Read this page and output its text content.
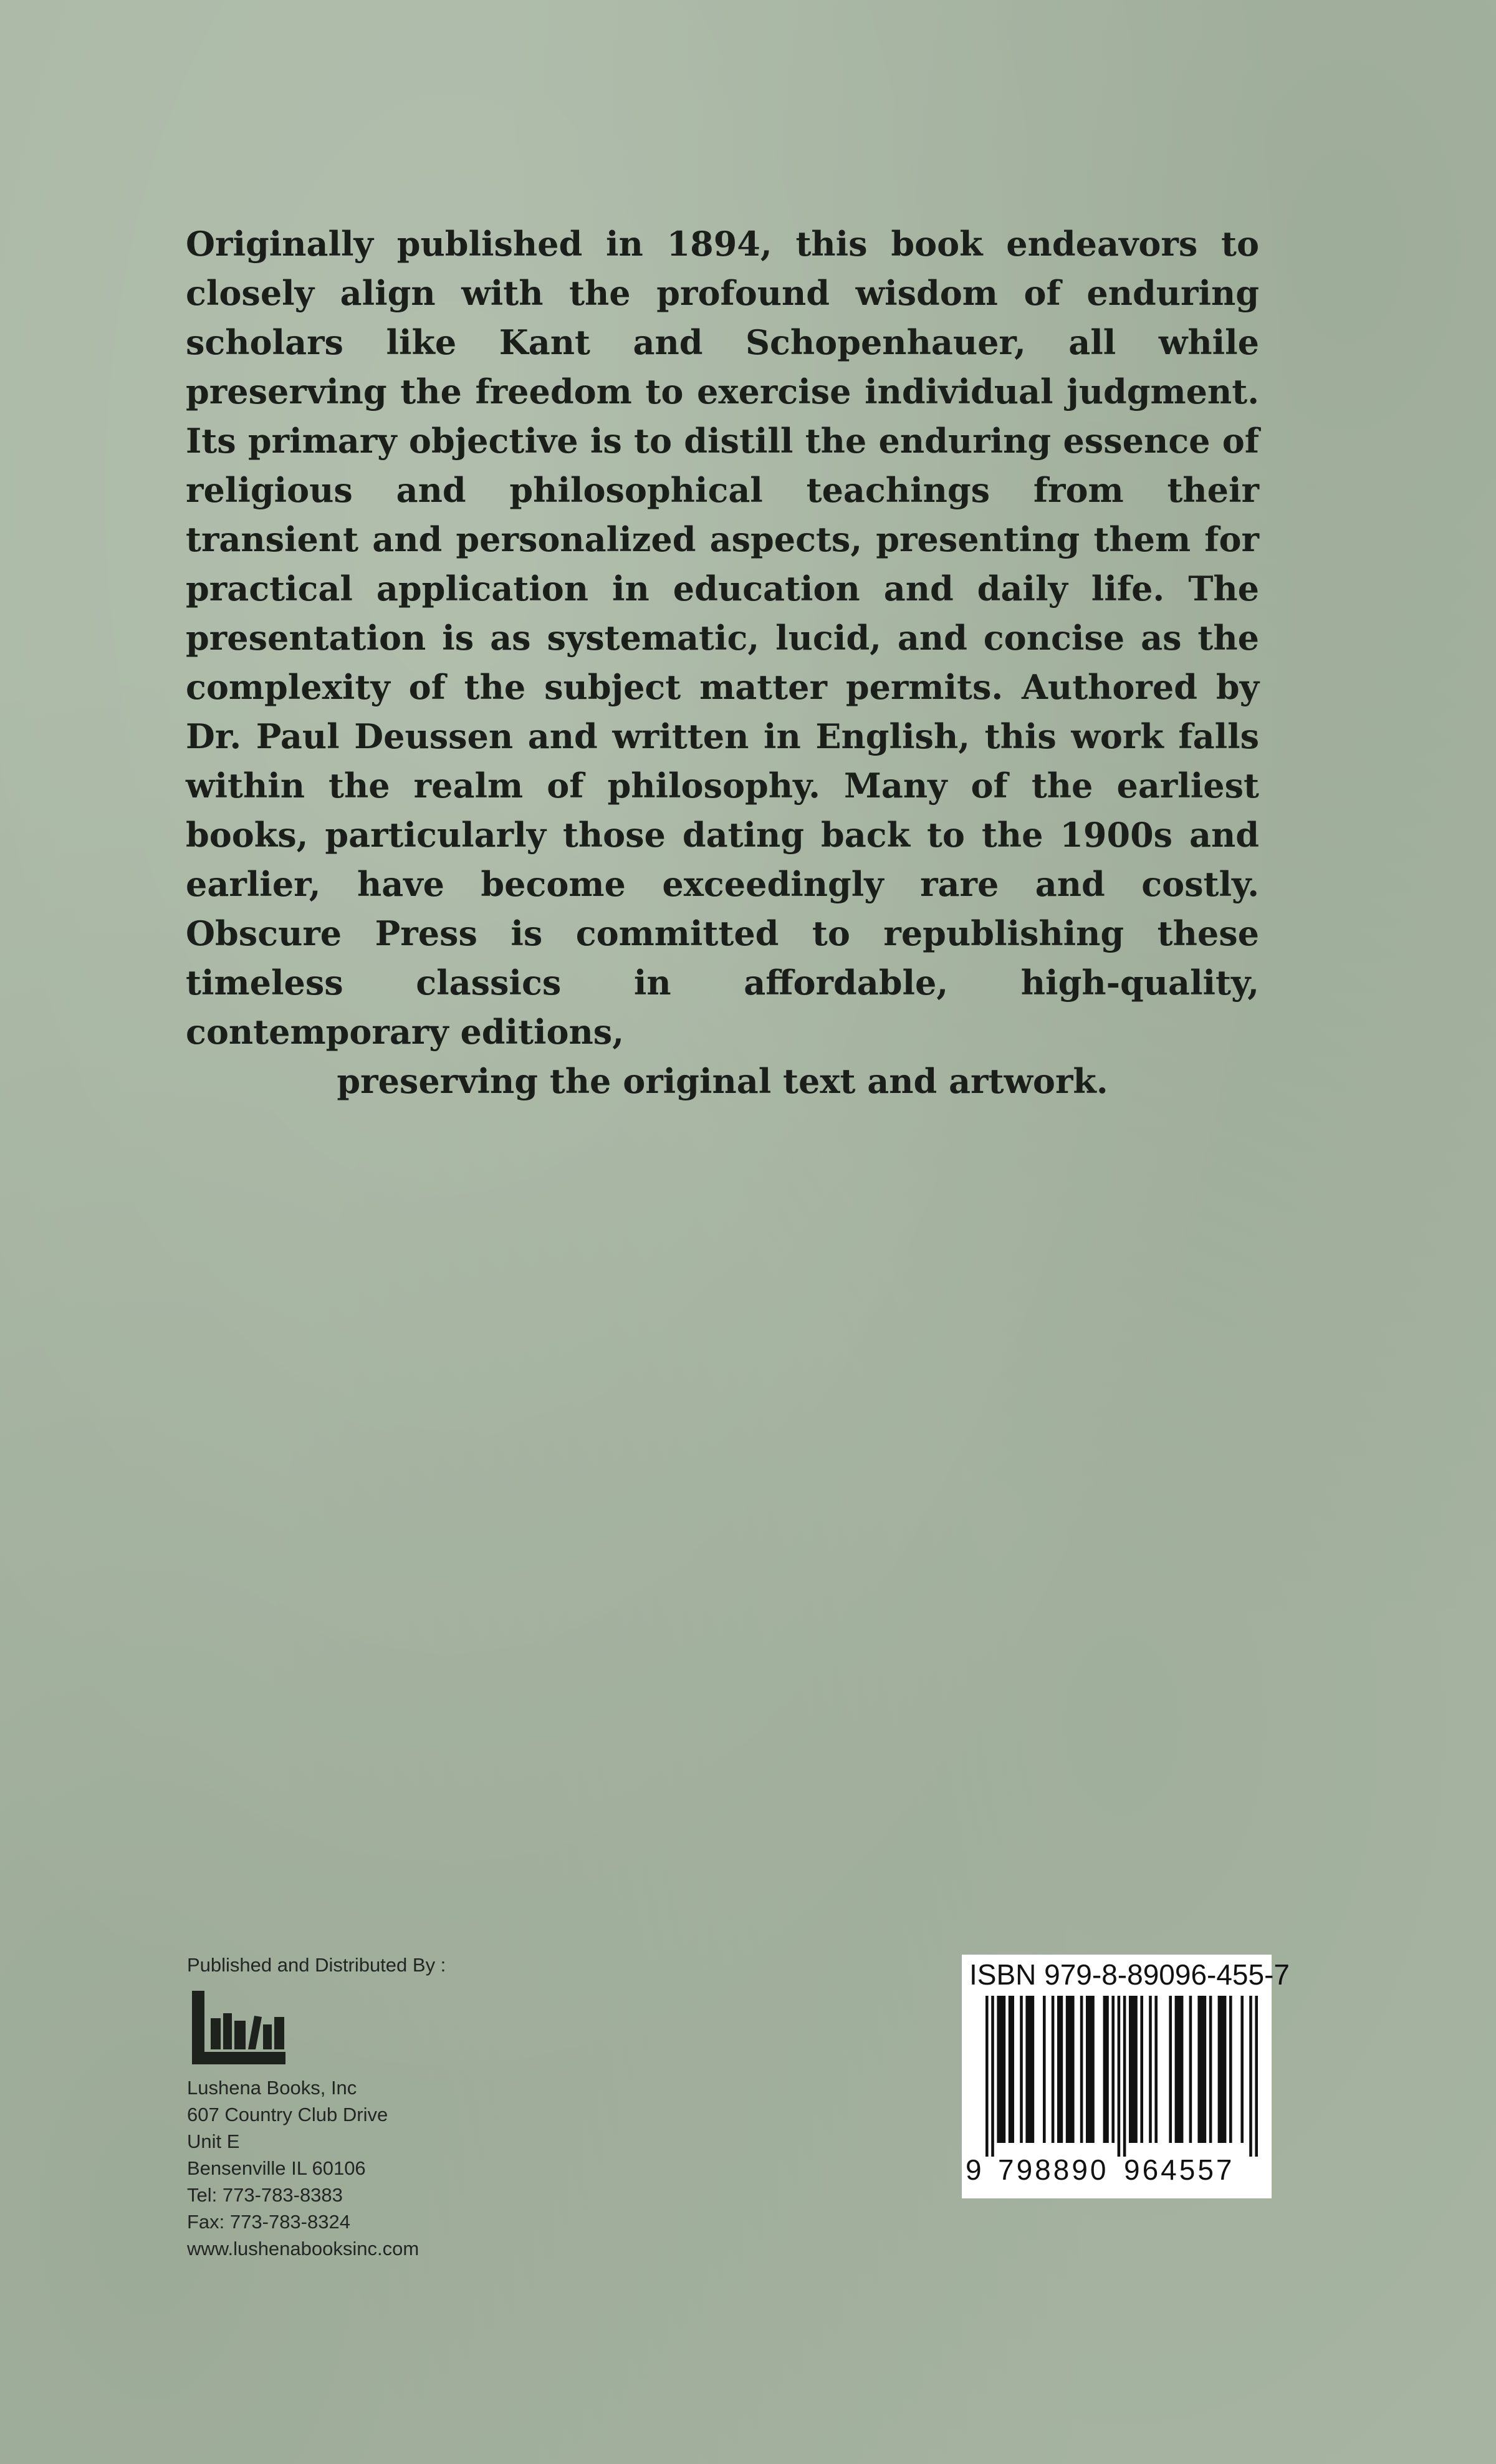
Originally published in 1894, this book endeavors to closely align with the profound wisdom of enduring scholars like Kant and Schopenhauer, all while preserving the freedom to exercise individual judgment. Its primary objective is to distill the enduring essence of religious and philosophical teachings from their transient and personalized aspects, presenting them for practical application in education and daily life. The presentation is as systematic, lucid, and concise as the complexity of the subject matter permits. Authored by Dr. Paul Deussen and written in English, this work falls within the realm of philosophy. Many of the earliest books, particularly those dating back to the 1900s and earlier, have become exceedingly rare and costly. Obscure Press is committed to republishing these timeless classics in affordable, high-quality, contemporary editions,
preserving the original text and artwork.

Published and Distributed By :
Lushena Books, Inc
607 Country Club Drive
Unit E
Bensenville IL 60106
Tel: 773-783-8383
Fax: 773-783-8324
www.lushenabooksinc.com
ISBN 979-8-89096-455-7
9 798890 964557
